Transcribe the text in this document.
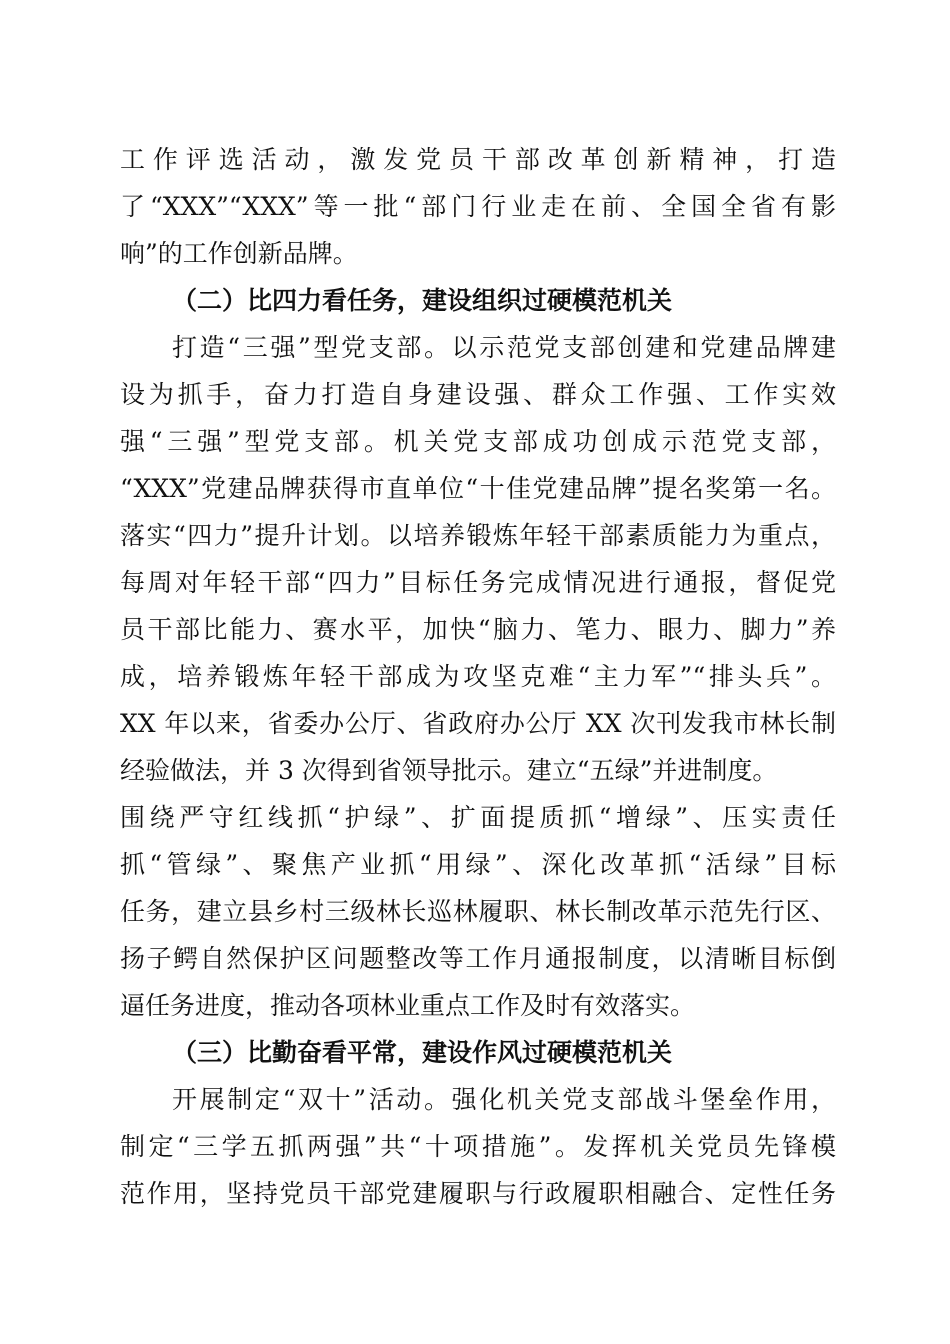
工作评选活动，激发党员干部改革创新精神，打造
了“XXX”“XXX”等一批“部门行业走在前、全国全省有影
响”的工作创新品牌。
（二）比四力看任务，建设组织过硬模范机关
打造“三强”型党支部。以示范党支部创建和党建品牌建
设为抓手，奋力打造自身建设强、群众工作强、工作实效
强“三强”型党支部。机关党支部成功创成示范党支部，
“XXX”党建品牌获得市直单位“十佳党建品牌”提名奖第一名。
落实“四力”提升计划。以培养锻炼年轻干部素质能力为重点，
每周对年轻干部“四力”目标任务完成情况进行通报，督促党
员干部比能力、赛水平，加快“脑力、笔力、眼力、脚力”养
成，培养锻炼年轻干部成为攻坚克难“主力军”“排头兵”。
XX 年以来，省委办公厅、省政府办公厅 XX 次刊发我市林长制
经验做法，并 3 次得到省领导批示。建立“五绿”并进制度。
围绕严守红线抓“护绿”、扩面提质抓“增绿”、压实责任
抓“管绿”、聚焦产业抓“用绿”、深化改革抓“活绿”目标
任务，建立县乡村三级林长巡林履职、林长制改革示范先行区、
扬子鳄自然保护区问题整改等工作月通报制度，以清晰目标倒
逼任务进度，推动各项林业重点工作及时有效落实。
（三）比勤奋看平常，建设作风过硬模范机关
开展制定“双十”活动。强化机关党支部战斗堡垒作用，
制定“三学五抓两强”共“十项措施”。发挥机关党员先锋模
范作用，坚持党员干部党建履职与行政履职相融合、定性任务
